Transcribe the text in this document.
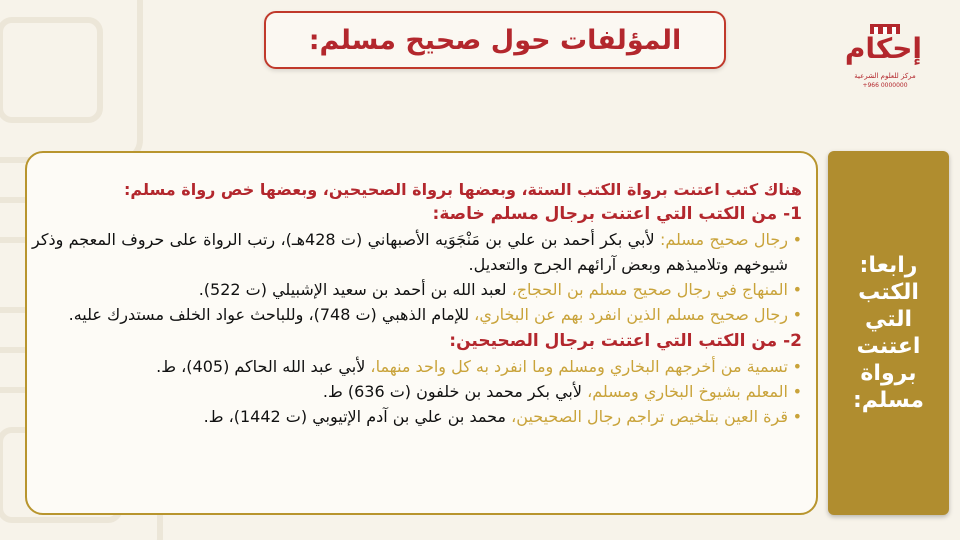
المؤلفات حول صحيح مسلم:	إحكام
مركز للعلوم الشرعية
+966 0000000
هناك كتب اعتنت برواة الكتب الستة، وبعضها برواة الصحيحين، وبعضها خص رواة مسلم:
1- من الكتب التي اعتنت برجال مسلم خاصة:
•
رجال صحيح مسلم: لأبي بكر أحمد بن علي بن مَنْجَوَيه الأصبهاني (ت 428هـ)، رتب الرواة على حروف المعجم وذكر شيوخهم وتلاميذهم وبعض آرائهم الجرح والتعديل.
•
المنهاج في رجال صحيح مسلم بن الحجاج، لعبد الله بن أحمد بن سعيد الإشبيلي (ت 522).
•
رجال صحيح مسلم الذين انفرد بهم عن البخاري، للإمام الذهبي (ت 748)، وللباحث عواد الخلف مستدرك عليه.
2- من الكتب التي اعتنت برجال الصحيحين:
•
تسمية من أخرجهم البخاري ومسلم وما انفرد به كل واحد منهما، لأبي عبد الله الحاكم (405)، ط.
•
المعلم بشيوخ البخاري ومسلم، لأبي بكر محمد بن خلفون (ت 636) ط.
•
قرة العين بتلخيص تراجم رجال الصحيحين، محمد بن علي بن آدم الإتيوبي (ت 1442)، ط.
رابعا: الكتب التي اعتنت برواة مسلم:
